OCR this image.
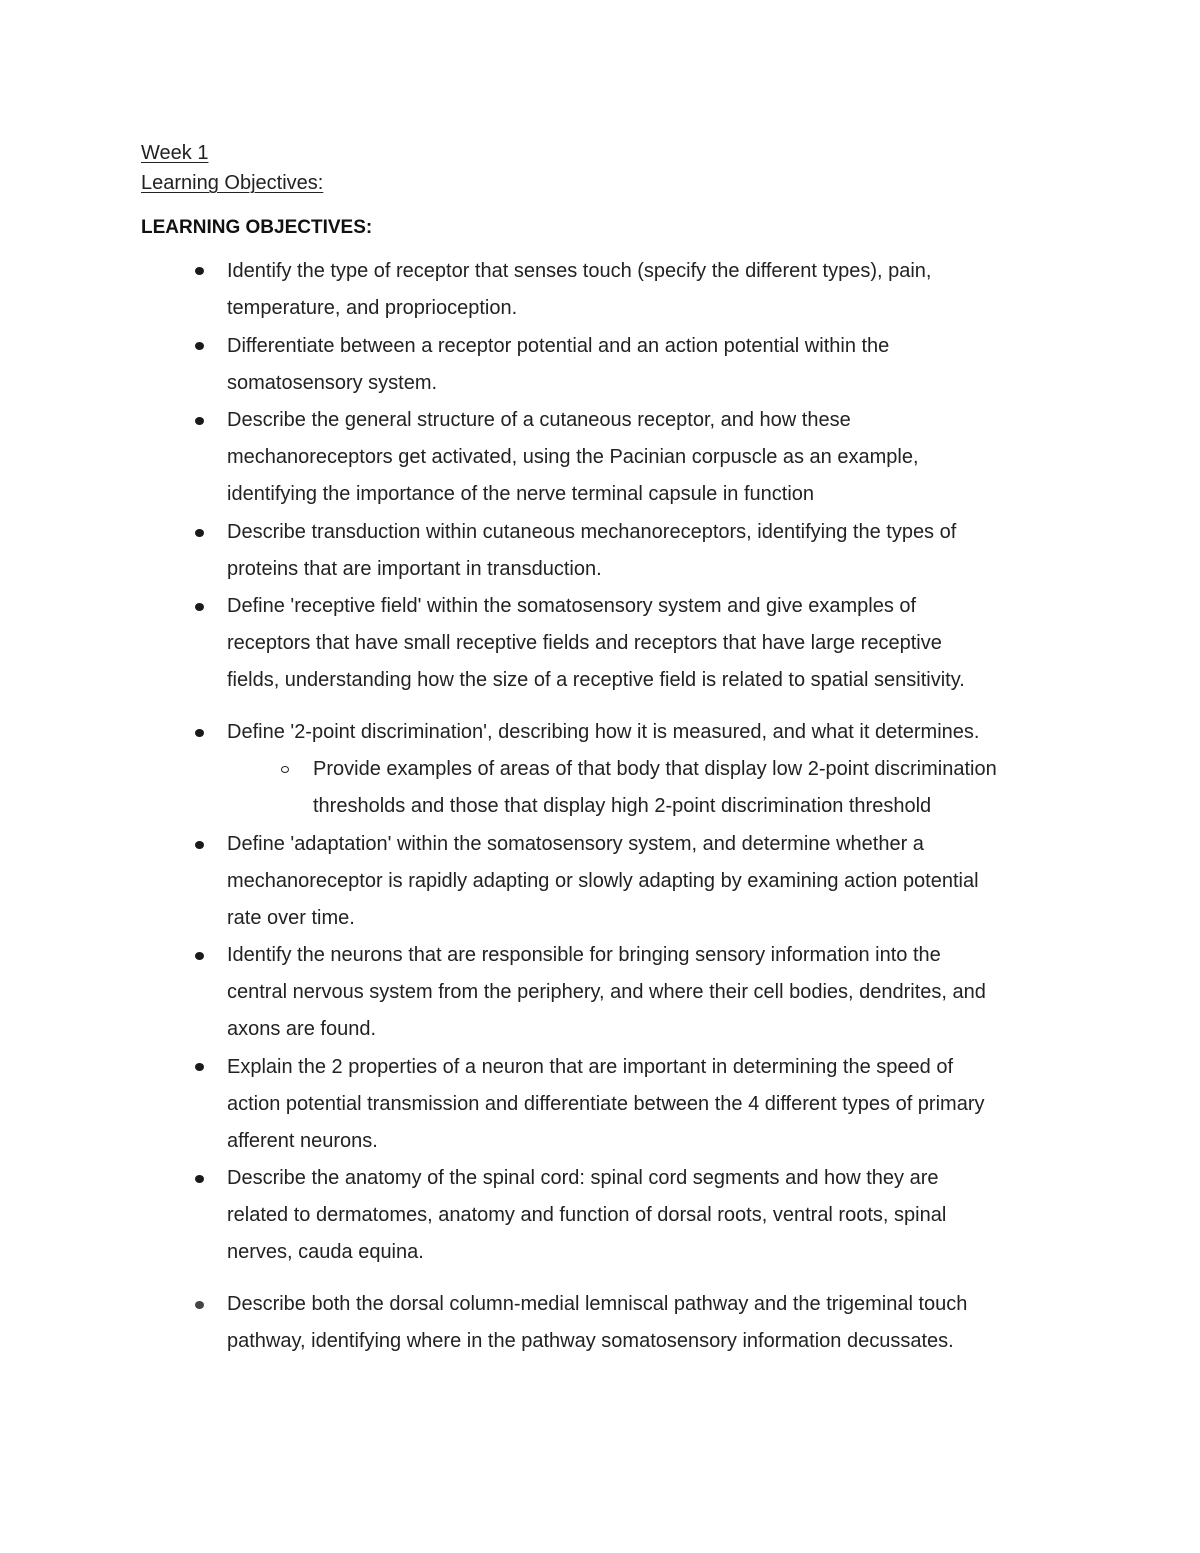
Week 1
Learning Objectives:
LEARNING OBJECTIVES:
Identify the type of receptor that senses touch (specify the different types), pain,
temperature, and proprioception.
Differentiate between a receptor potential and an action potential within the
somatosensory system.
Describe the general structure of a cutaneous receptor, and how these
mechanoreceptors get activated, using the Pacinian corpuscle as an example,
identifying the importance of the nerve terminal capsule in function
Describe transduction within cutaneous mechanoreceptors, identifying the types of
proteins that are important in transduction.
Define 'receptive field' within the somatosensory system and give examples of
receptors that have small receptive fields and receptors that have large receptive
fields, understanding how the size of a receptive field is related to spatial sensitivity.
Define '2-point discrimination', describing how it is measured, and what it determines.
Provide examples of areas of that body that display low 2-point discrimination
thresholds and those that display high 2-point discrimination threshold
Define 'adaptation' within the somatosensory system, and determine whether a
mechanoreceptor is rapidly adapting or slowly adapting by examining action potential
rate over time.
Identify the neurons that are responsible for bringing sensory information into the
central nervous system from the periphery, and where their cell bodies, dendrites, and
axons are found.
Explain the 2 properties of a neuron that are important in determining the speed of
action potential transmission and differentiate between the 4 different types of primary
afferent neurons.
Describe the anatomy of the spinal cord: spinal cord segments and how they are
related to dermatomes, anatomy and function of dorsal roots, ventral roots, spinal
nerves, cauda equina.
Describe both the dorsal column-medial lemniscal pathway and the trigeminal touch
pathway, identifying where in the pathway somatosensory information decussates.
